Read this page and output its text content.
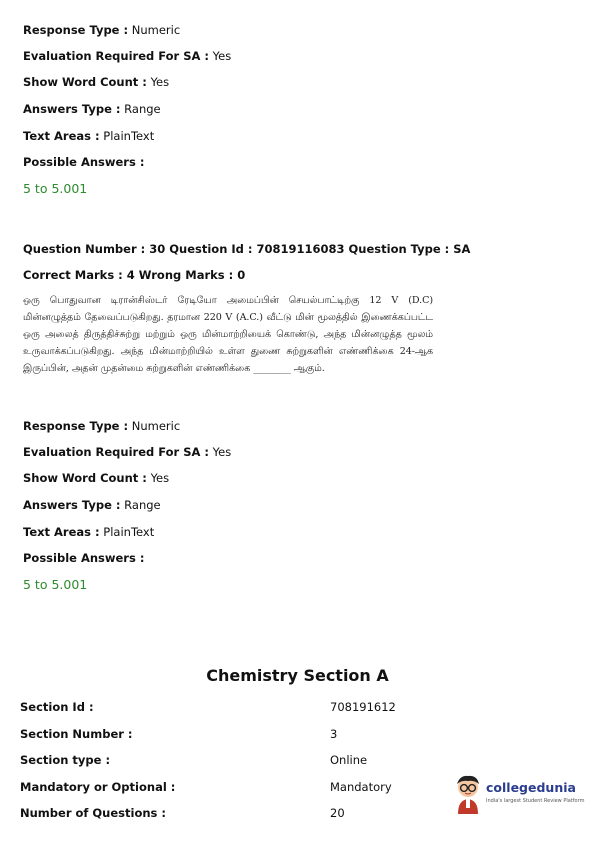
Response Type : Numeric
Evaluation Required For SA : Yes
Show Word Count : Yes
Answers Type : Range
Text Areas : PlainText
Possible Answers :
5 to 5.001
Question Number : 30 Question Id : 70819116083 Question Type : SA
Correct Marks : 4 Wrong Marks : 0
ஒரு பொதுவான டிரான்சிஸ்டர் ரேடியோ அமைப்பின் செயல்பாட்டிற்கு 12 V (D.C) மின்னழுத்தம் தேவைப்படுகிறது. தரமான 220 V (A.C.) வீட்டு மின் மூலத்தில் இணைக்கப்பட்ட ஒரு அலைத் திருத்திச்சுற்று மற்றும் ஒரு மின்மாற்றியைக் கொண்டு, அந்த மின்னழுத்த மூலம் உருவாக்கப்படுகிறது. அந்த மின்மாற்றியில் உள்ள துணை சுற்றுகளின் எண்ணிக்கை 24-ஆக இருப்பின், அதன் முதன்மை சுற்றுகளின் எண்ணிக்கை ________ ஆகும்.
Response Type : Numeric
Evaluation Required For SA : Yes
Show Word Count : Yes
Answers Type : Range
Text Areas : PlainText
Possible Answers :
5 to 5.001
Chemistry Section A
Section Id :	708191612
Section Number :	3
Section type :	Online
Mandatory or Optional :	Mandatory
Number of Questions :	20
collegedunia
India's largest Student Review Platform
